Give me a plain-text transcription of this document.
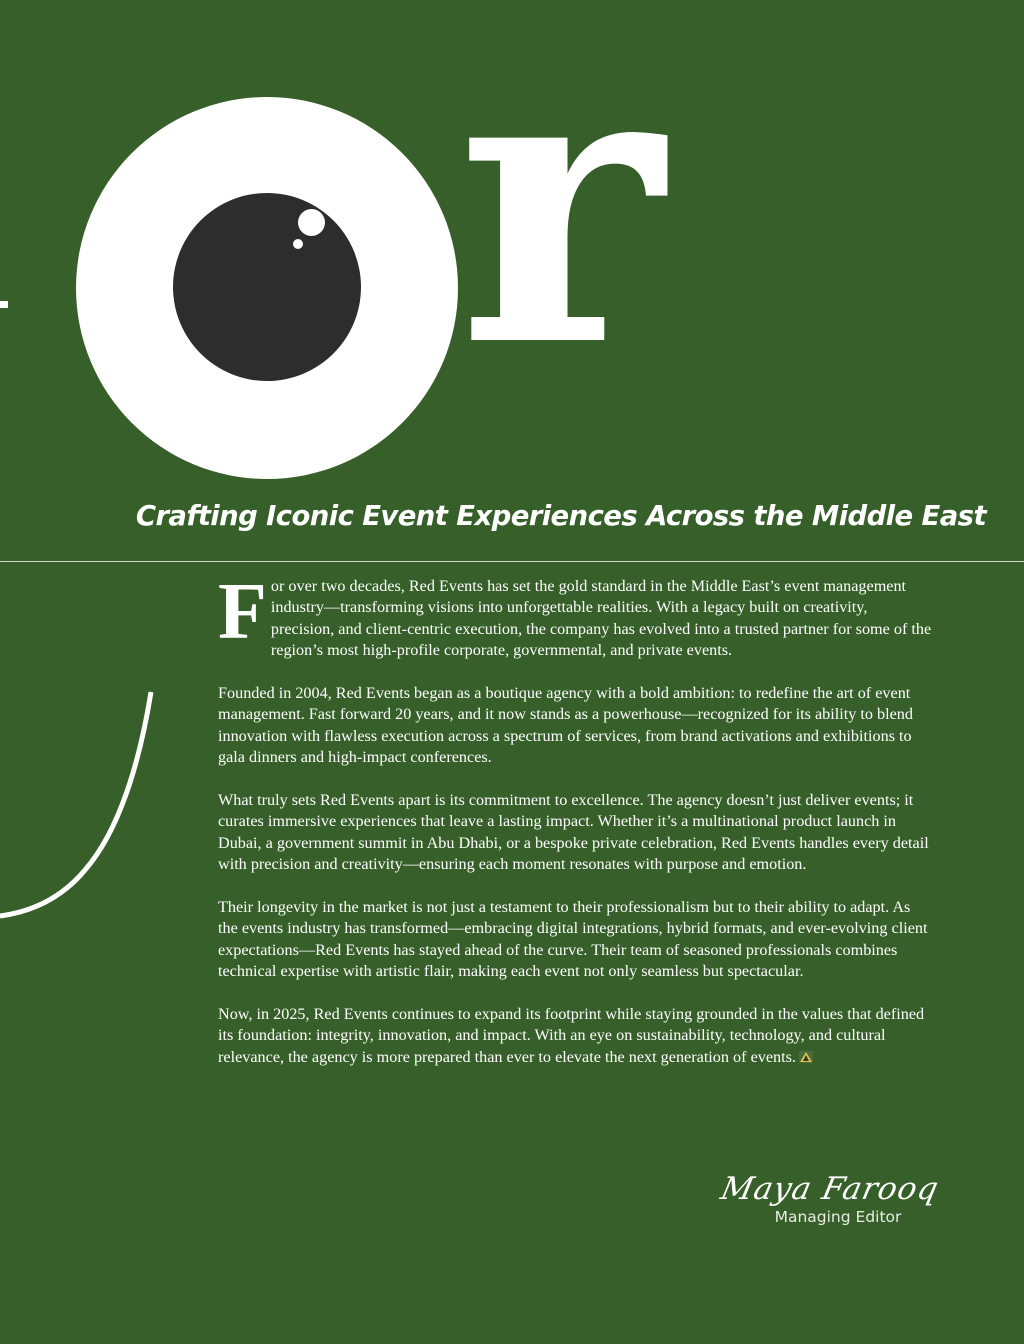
r
Crafting Iconic Event Experiences Across the Middle East

For over two decades, Red Events has set the gold standard in the Middle East’s event management industry—transforming visions into unforgettable realities. With a legacy built on creativity, precision, and client-centric execution, the company has evolved into a trusted partner for some of the region’s most high-profile corporate, governmental, and private events.

Founded in 2004, Red Events began as a boutique agency with a bold ambition: to redefine the art of event management. Fast forward 20 years, and it now stands as a powerhouse—recognized for its ability to blend innovation with flawless execution across a spectrum of services, from brand activations and exhibitions to gala dinners and high-impact conferences.

What truly sets Red Events apart is its commitment to excellence. The agency doesn’t just deliver events; it curates immersive experiences that leave a lasting impact. Whether it’s a multinational product launch in Dubai, a government summit in Abu Dhabi, or a bespoke private celebration, Red Events handles every detail with precision and creativity—ensuring each moment resonates with purpose and emotion.

Their longevity in the market is not just a testament to their professionalism but to their ability to adapt. As the events industry has transformed—embracing digital integrations, hybrid formats, and ever-evolving client expectations—Red Events has stayed ahead of the curve. Their team of seasoned professionals combines technical expertise with artistic flair, making each event not only seamless but spectacular.

Now, in 2025, Red Events continues to expand its footprint while staying grounded in the values that defined its foundation: integrity, innovation, and impact. With an eye on sustainability, technology, and cultural relevance, the agency is more prepared than ever to elevate the next generation of events.

Maya Farooq
Managing Editor
